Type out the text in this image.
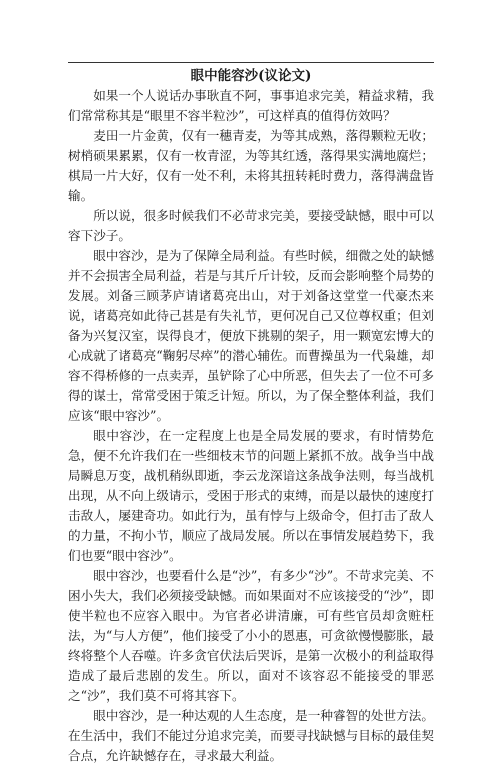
眼中能容沙(议论文)

如果一个人说话办事耿直不阿，事事追求完美，精益求精，我们常常称其是“眼里不容半粒沙”，可这样真的值得仿效吗？

麦田一片金黄，仅有一穗青麦，为等其成熟，落得颗粒无收；树梢硕果累累，仅有一枚青涩，为等其红透，落得果实满地腐烂；棋局一片大好，仅有一处不利，未将其扭转耗时费力，落得满盘皆输。

所以说，很多时候我们不必苛求完美，要接受缺憾，眼中可以容下沙子。

眼中容沙，是为了保障全局利益。有些时候，细微之处的缺憾并不会损害全局利益，若是与其斤斤计较，反而会影响整个局势的发展。刘备三顾茅庐请诸葛亮出山，对于刘备这堂堂一代豪杰来说，诸葛亮如此待己甚是有失礼节，更何况自己又位尊权重；但刘备为兴复汉室，误得良才，便放下挑剔的架子，用一颗宽宏博大的心成就了诸葛亮“鞠躬尽瘁”的潜心辅佐。而曹操虽为一代枭雄，却容不得桥修的一点卖弄，虽铲除了心中所恶，但失去了一位不可多得的谋士，常常受困于策乏计短。所以，为了保全整体利益，我们应该“眼中容沙”。

眼中容沙，在一定程度上也是全局发展的要求，有时情势危急，便不允许我们在一些细枝末节的问题上紧抓不放。战争当中战局瞬息万变，战机稍纵即逝，李云龙深谙这条战争法则，每当战机出现，从不向上级请示，受困于形式的束缚，而是以最快的速度打击敌人，屡建奇功。如此行为，虽有悖与上级命令，但打击了敌人的力量，不拘小节，顺应了战局发展。所以在事情发展趋势下，我们也要“眼中容沙”。

眼中容沙，也要看什么是“沙”，有多少“沙”。不苛求完美、不困小失大，我们必须接受缺憾。而如果面对不应该接受的“沙”，即使半粒也不应容入眼中。为官者必讲清廉，可有些官员却贪赃枉法，为“与人方便”，他们接受了小小的恩惠，可贪欲慢慢膨胀，最终将整个人吞噬。许多贪官伏法后哭诉，是第一次极小的利益取得造成了最后悲剧的发生。所以，面对不该容忍不能接受的罪恶之“沙”，我们莫不可将其容下。

眼中容沙，是一种达观的人生态度，是一种睿智的处世方法。在生活中，我们不能过分追求完美，而要寻找缺憾与目标的最佳契合点，允许缺憾存在，寻求最大利益。
